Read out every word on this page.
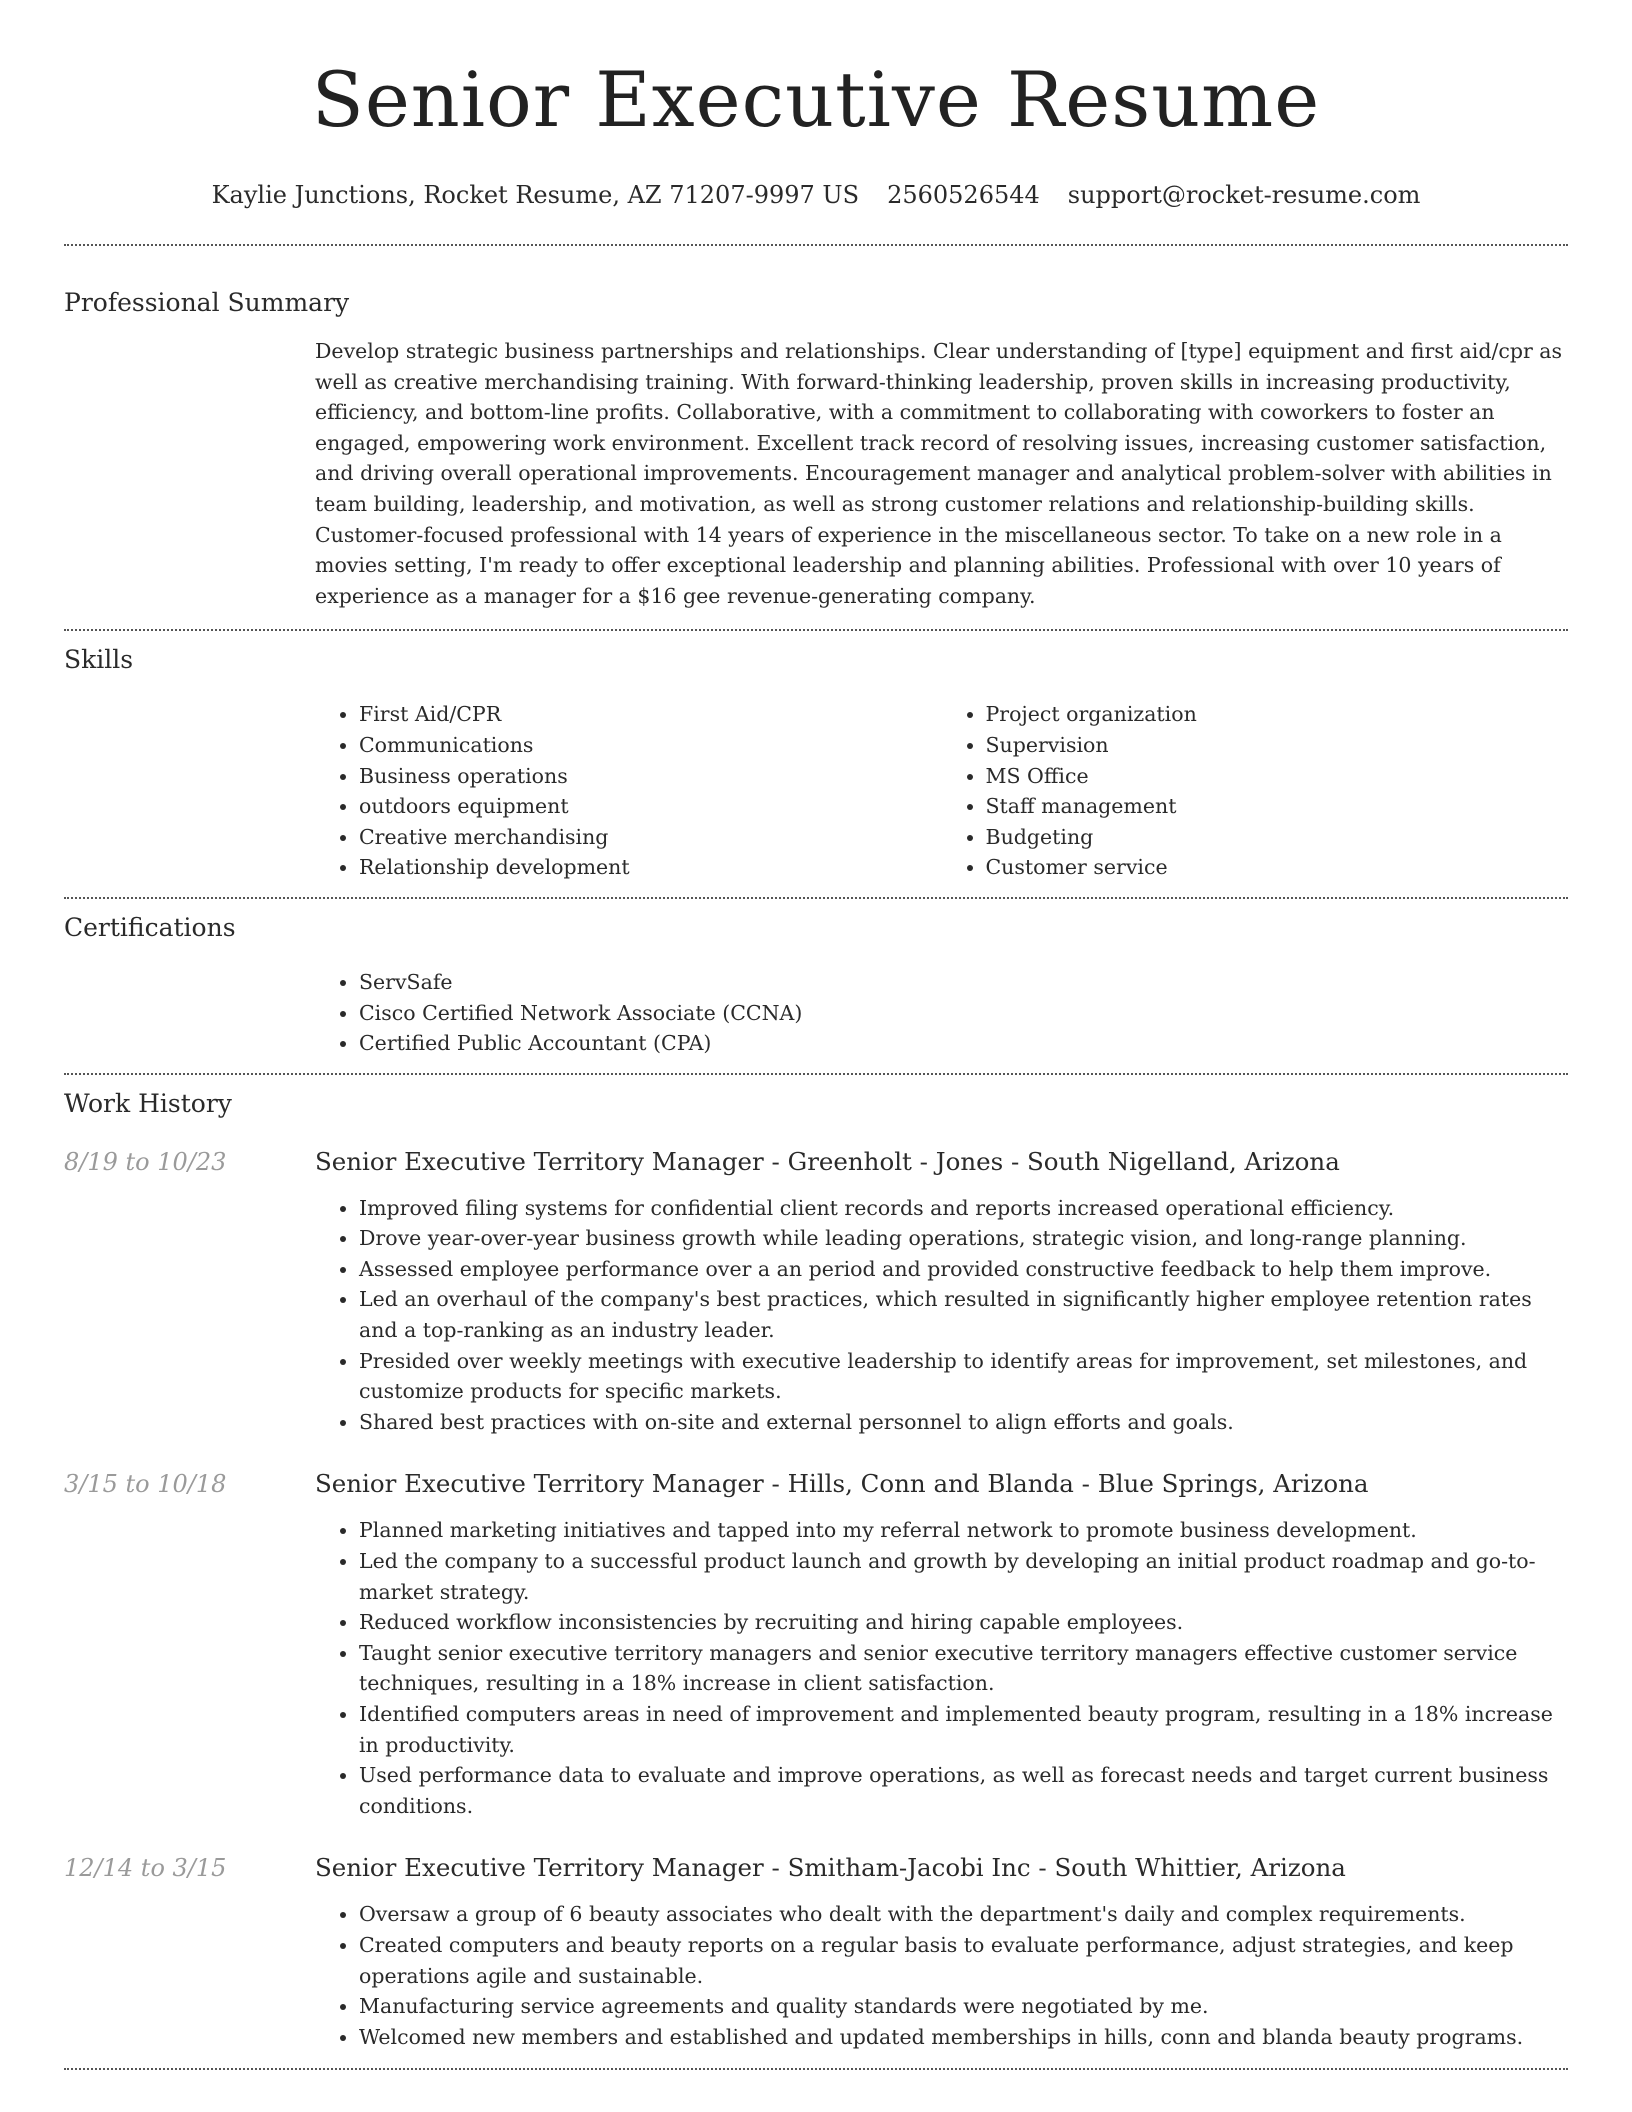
Senior Executive Resume
Kaylie Junctions, Rocket Resume, AZ 71207-9997 US 2560526544 support@rocket-resume.com
Professional Summary
Develop strategic business partnerships and relationships. Clear understanding of [type] equipment and first aid/cpr as well as creative merchandising training. With forward-thinking leadership, proven skills in increasing productivity, efficiency, and bottom-line profits. Collaborative, with a commitment to collaborating with coworkers to foster an engaged, empowering work environment. Excellent track record of resolving issues, increasing customer satisfaction, and driving overall operational improvements. Encouragement manager and analytical problem-solver with abilities in team building, leadership, and motivation, as well as strong customer relations and relationship-building skills. Customer-focused professional with 14 years of experience in the miscellaneous sector. To take on a new role in a movies setting, I'm ready to offer exceptional leadership and planning abilities. Professional with over 10 years of experience as a manager for a $16 gee revenue-generating company.
Skills
• First Aid/CPR
• Communications
• Business operations
• outdoors equipment
• Creative merchandising
• Relationship development
• Project organization
• Supervision
• MS Office
• Staff management
• Budgeting
• Customer service
Certifications
• ServSafe
• Cisco Certified Network Associate (CCNA)
• Certified Public Accountant (CPA)
Work History
8/19 to 10/23	Senior Executive Territory Manager - Greenholt - Jones - South Nigelland, Arizona
• Improved filing systems for confidential client records and reports increased operational efficiency.
• Drove year-over-year business growth while leading operations, strategic vision, and long-range planning.
• Assessed employee performance over a an period and provided constructive feedback to help them improve.
• Led an overhaul of the company's best practices, which resulted in significantly higher employee retention rates and a top-ranking as an industry leader.
• Presided over weekly meetings with executive leadership to identify areas for improvement, set milestones, and customize products for specific markets.
• Shared best practices with on-site and external personnel to align efforts and goals.
3/15 to 10/18	Senior Executive Territory Manager - Hills, Conn and Blanda - Blue Springs, Arizona
• Planned marketing initiatives and tapped into my referral network to promote business development.
• Led the company to a successful product launch and growth by developing an initial product roadmap and go-to-market strategy.
• Reduced workflow inconsistencies by recruiting and hiring capable employees.
• Taught senior executive territory managers and senior executive territory managers effective customer service techniques, resulting in a 18% increase in client satisfaction.
• Identified computers areas in need of improvement and implemented beauty program, resulting in a 18% increase in productivity.
• Used performance data to evaluate and improve operations, as well as forecast needs and target current business conditions.
12/14 to 3/15	Senior Executive Territory Manager - Smitham-Jacobi Inc - South Whittier, Arizona
• Oversaw a group of 6 beauty associates who dealt with the department's daily and complex requirements.
• Created computers and beauty reports on a regular basis to evaluate performance, adjust strategies, and keep operations agile and sustainable.
• Manufacturing service agreements and quality standards were negotiated by me.
• Welcomed new members and established and updated memberships in hills, conn and blanda beauty programs.
